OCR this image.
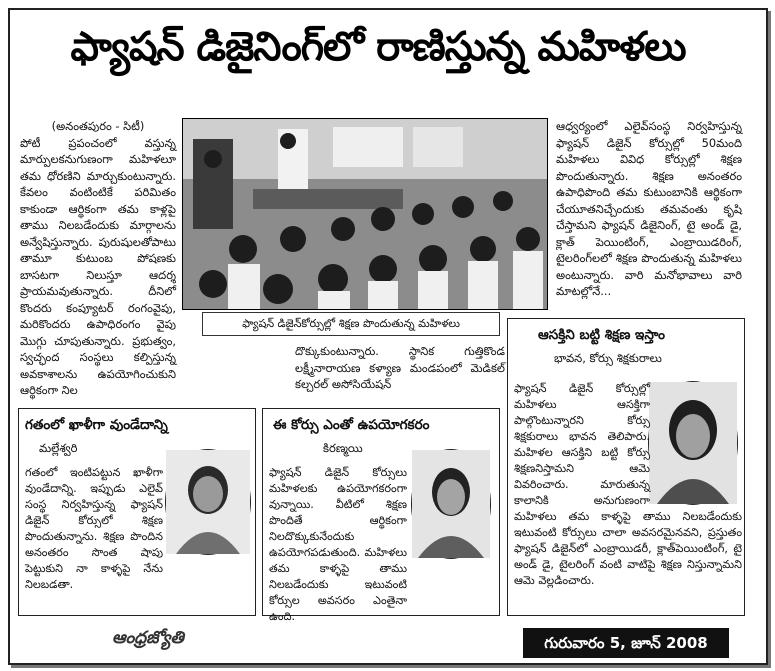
ఫ్యాషన్ డిజైనింగ్‌లో రాణిస్తున్న మహిళలు

(అనంతపురం - సిటీ)

పోటీ ప్రపంచంలో వస్తున్న మార్పులకనుగుణంగా మహిళలూ తమ ధోరణిని మార్చుకుంటున్నారు. కేవలం వంటింటికే పరిమితం కాకుండా ఆర్థికంగా తమ కాళ్లపై తాము నిలబడేందుకు మార్గాలను అన్వేషిస్తున్నారు. పురుషులతోపాటు తామూ కుటుంబ పోషణకు బాసటగా నిలుస్తూ ఆదర్శ ప్రాయమవుతున్నారు. దీనిలో కొందరు కంప్యూటర్ రంగంవైపు, మరికొందరు ఉపాధిరంగం వైపు మొగ్గు చూపుతున్నారు. ప్రభుత్వం, స్వచ్ఛంద సంస్థలు కల్పిస్తున్న అవకాశాలను ఉపయోగించుకుని ఆర్థికంగా నిల

ఫ్యాషన్ డిజైన్‌కోర్సుల్లో శిక్షణ పొందుతున్న మహిళలు

ఆధ్వర్యంలో ఎలైవ్‌సంస్థ నిర్వహిస్తున్న ఫ్యాషన్ డిజైన్ కోర్సుల్లో 50మంది మహిళలు వివిధ కోర్సుల్లో శిక్షణ పొందుతున్నారు. శిక్షణ అనంతరం ఉపాధిపొంది తమ కుటుంబానికి ఆర్థికంగా చేయూతనిచ్చేందుకు తమవంతు కృషి చేస్తామని ఫ్యాషన్ డిజైనింగ్, టై అండ్ డై, క్లాత్ పెయింటింగ్, ఎంబ్రాయిడరింగ్, టైలరింగ్‌లలో శిక్షణ పొందుతున్న మహిళలు అంటున్నారు. వారి మనోభావాలు వారి మాటల్లోనే...

దొక్కుకుంటున్నారు. స్థానిక గుత్తికొండ లక్ష్మీనారాయణ కళ్యాణ మండపంలో మెడికల్ కల్చరల్ అసోసియేషన్

గతంలో ఖాళీగా వుండేదాన్ని
మల్లేశ్వరి
గతంలో ఇంటిపట్టున ఖాళీగా వుండేదాన్ని. ఇప్పుడు ఎలైవ్ సంస్థ నిర్వహిస్తున్న ఫ్యాషన్ డిజైన్ కోర్సులో శిక్షణ పొందుతున్నాను. శిక్షణ పొందిన అనంతరం సొంత షాపు పెట్టుకుని నా కాళ్ళపై నేను నిలబడతా.
ఈ కోర్సు ఎంతో ఉపయోగకరం
కిరణ్మయి
ఫ్యాషన్ డిజైన్ కోర్సులు మహిళలకు ఉపయోగకరంగా వున్నాయి. వీటిలో శిక్షణ పొందితే ఆర్థికంగా నిలదొక్కుకునేందుకు ఉపయోగపడుతుంది. మహిళలు తమ కాళ్ళపై తాము నిలబడేందుకు ఇటువంటి కోర్సుల అవసరం ఎంతైనా ఉంది.
ఆసక్తిని బట్టి శిక్షణ ఇస్తాం
భావన, కోర్సు శిక్షకురాలు
ఫ్యాషన్ డిజైన్ కోర్సుల్లో మహిళలు ఆసక్తిగా పాల్గొంటున్నారని కోర్సు శిక్షకురాలు భావన తెలిపారు. మహిళల ఆసక్తిని బట్టి కోర్సు శిక్షణనిస్తామని ఆమె వివరించారు. మారుతున్న కాలానికి అనుగుణంగా మహిళలు తమ కాళ్ళపై తాము నిలబడేందుకు ఇటువంటి కోర్సులు చాలా అవసరమైనవని, ప్రస్తుతం ఫ్యాషన్ డిజైన్‌లో ఎంబ్రాయిడరీ, క్లాత్‌పెయింటింగ్, టై అండ్ డై, టైలరింగ్ వంటి వాటిపై శిక్షణ నిస్తున్నామని ఆమె వెల్లడించారు.
ఆంధ్రజ్యోతి	గురువారం 5, జూన్ 2008
